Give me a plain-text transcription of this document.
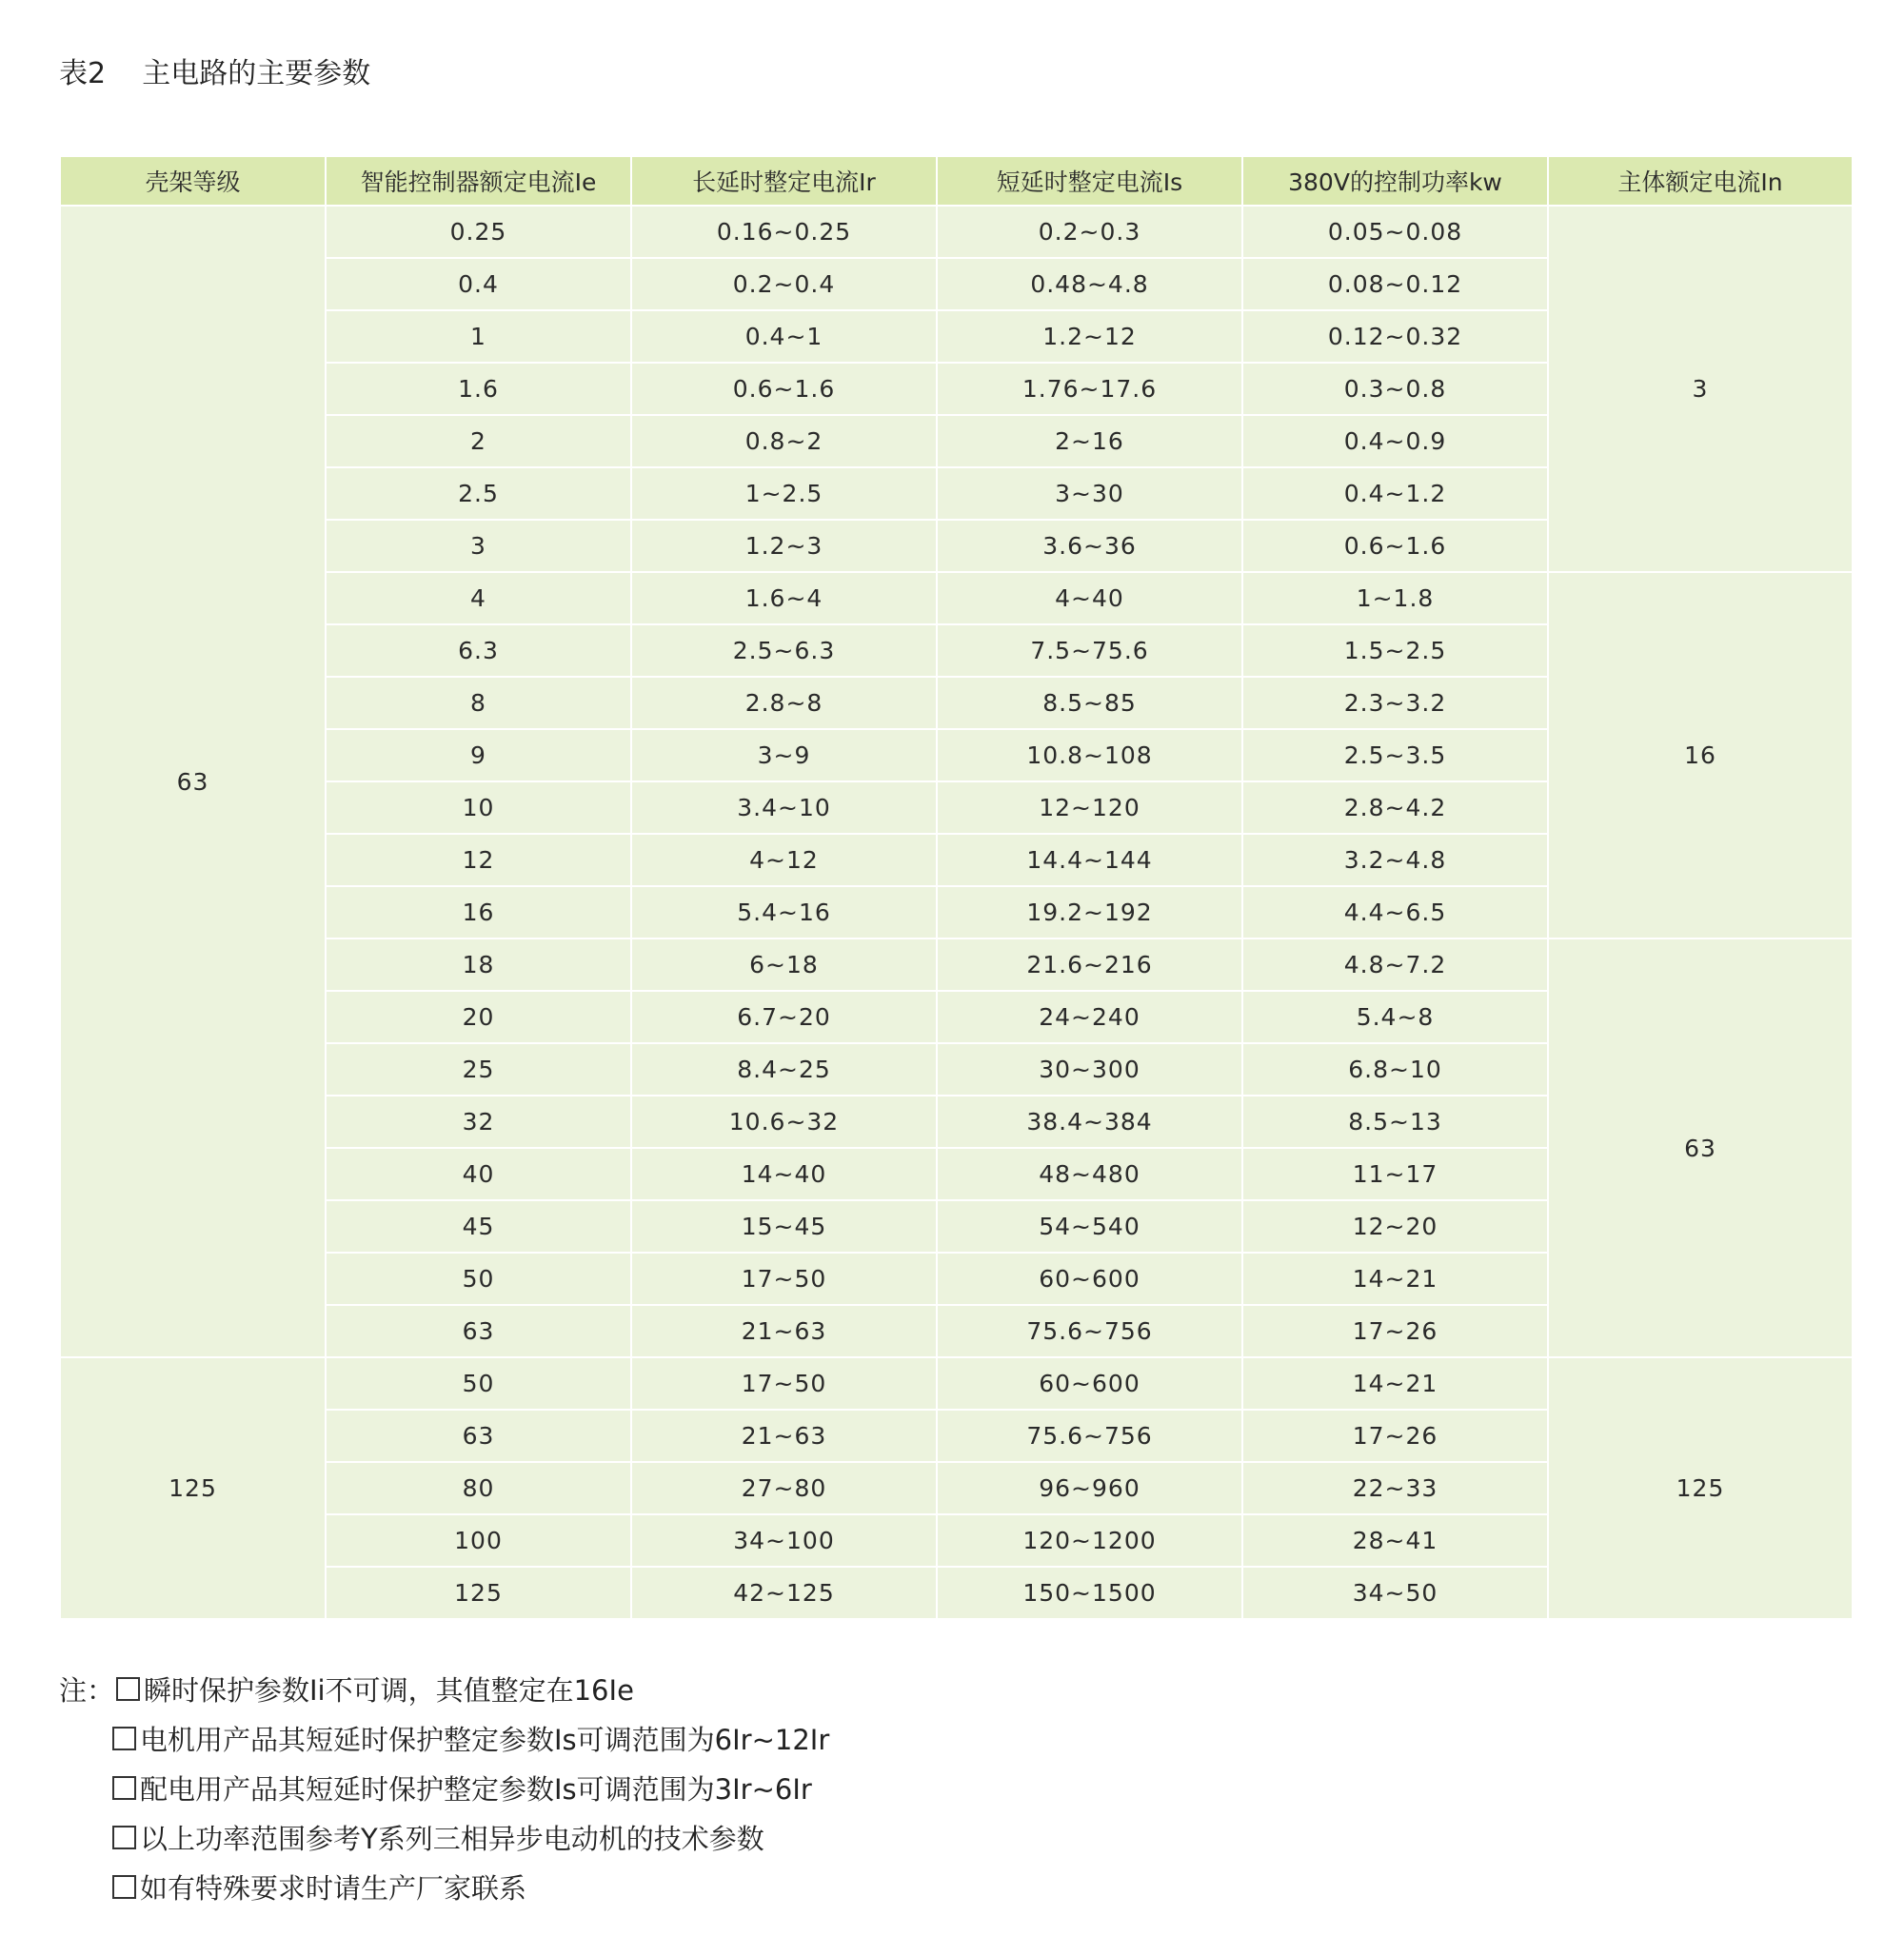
表2    主电路的主要参数
壳架等级	智能控制器额定电流Ie	长延时整定电流Ir	短延时整定电流Is	380V的控制功率kw	主体额定电流In
63	0.25	0.16~0.25	0.2~0.3	0.05~0.08	3
	0.4	0.2~0.4	0.48~4.8	0.08~0.12	
	1	0.4~1	1.2~12	0.12~0.32	
	1.6	0.6~1.6	1.76~17.6	0.3~0.8	
	2	0.8~2	2~16	0.4~0.9	
	2.5	1~2.5	3~30	0.4~1.2	
	3	1.2~3	3.6~36	0.6~1.6	
	4	1.6~4	4~40	1~1.8	16
	6.3	2.5~6.3	7.5~75.6	1.5~2.5	
	8	2.8~8	8.5~85	2.3~3.2	
	9	3~9	10.8~108	2.5~3.5	
	10	3.4~10	12~120	2.8~4.2	
	12	4~12	14.4~144	3.2~4.8	
	16	5.4~16	19.2~192	4.4~6.5	
	18	6~18	21.6~216	4.8~7.2	63
	20	6.7~20	24~240	5.4~8	
	25	8.4~25	30~300	6.8~10	
	32	10.6~32	38.4~384	8.5~13	
	40	14~40	48~480	11~17	
	45	15~45	54~540	12~20	
	50	17~50	60~600	14~21	
	63	21~63	75.6~756	17~26	
125	50	17~50	60~600	14~21	125
	63	21~63	75.6~756	17~26	
	80	27~80	96~960	22~33	
	100	34~100	120~1200	28~41	
	125	42~125	150~1500	34~50	
注： 瞬时保护参数Ii不可调，其值整定在16Ie
电机用产品其短延时保护整定参数Is可调范围为6Ir~12Ir
配电用产品其短延时保护整定参数Is可调范围为3Ir~6Ir
以上功率范围参考Y系列三相异步电动机的技术参数
如有特殊要求时请生产厂家联系
